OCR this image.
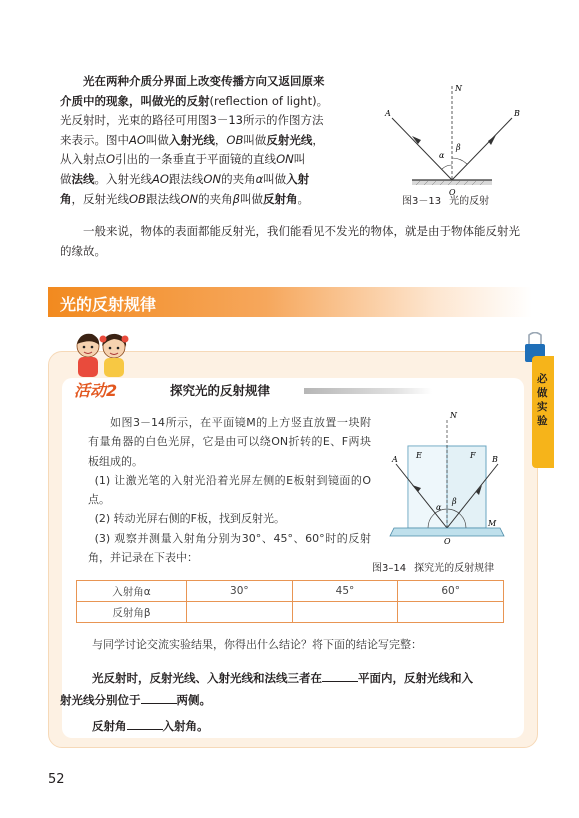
光在两种介质分界面上改变传播方向又返回原来

介质中的现象，叫做光的反射(reflection of light)。

光反射时，光束的路径可用图3－13所示的作图方法

来表示。图中AO叫做入射光线，OB叫做反射光线，

从入射点O引出的一条垂直于平面镜的直线ON叫

做法线。入射光线AO跟法线ON的夹角α叫做入射

角，反射光线OB跟法线ON的夹角β叫做反射角。

N
A	B
O
α
β
图3－13 光的反射

一般来说，物体的表面都能反射光，我们能看见不发光的物体，就是由于物体能反射光的缘故。

光的反射规律
活动2	探究光的反射规律

如图3－14所示，在平面镜M的上方竖直放置一块附有量角器的白色光屏，它是由可以绕ON折转的E、F两块板组成的。

(1) 让激光笔的入射光沿着光屏左侧的E板射到镜面的O点。

(2) 转动光屏右侧的F板，找到反射光。

(3) 观察并测量入射角分别为30°、45°、60°时的反射角，并记录在下表中：

N
A	B
E	F
M
O
α
β
图3–14 探究光的反射规律
入射角α	30°	45°	60°
反射角β			
与同学讨论交流实验结果，你得出什么结论？将下面的结论写完整：
光反射时，反射光线、入射光线和法线三者在	平面内，反射光线和入
射光线分别位于	两侧。
反射角	入射角。
必
做
实
验
52
